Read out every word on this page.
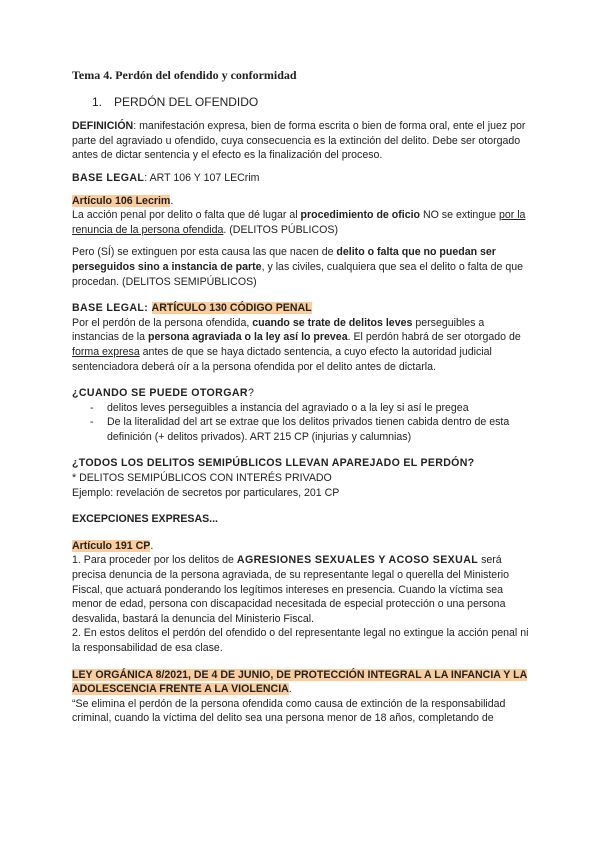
Tema 4. Perdón del ofendido y conformidad
1. PERDÓN DEL OFENDIDO

DEFINICIÓN: manifestación expresa, bien de forma escrita o bien de forma oral, ente el juez por parte del agraviado u ofendido, cuya consecuencia es la extinción del delito. Debe ser otorgado antes de dictar sentencia y el efecto es la finalización del proceso.

BASE LEGAL: ART 106 Y 107 LECrim

Artículo 106 Lecrim.

La acción penal por delito o falta que dé lugar al procedimiento de oficio NO se extingue por la renuncia de la persona ofendida. (DELITOS PÚBLICOS)

Pero (SÍ) se extinguen por esta causa las que nacen de delito o falta que no puedan ser perseguidos sino a instancia de parte, y las civiles, cualquiera que sea el delito o falta de que procedan. (DELITOS SEMIPÚBLICOS)

BASE LEGAL: ARTÍCULO 130 CÓDIGO PENAL

Por el perdón de la persona ofendida, cuando se trate de delitos leves perseguibles a instancias de la persona agraviada o la ley así lo prevea. El perdón habrá de ser otorgado de forma expresa antes de que se haya dictado sentencia, a cuyo efecto la autoridad judicial sentenciadora deberá oír a la persona ofendida por el delito antes de dictarla.

¿CUANDO SE PUEDE OTORGAR?
- delitos leves perseguibles a instancia del agraviado o a la ley si así le pregea
- De la literalidad del art se extrae que los delitos privados tienen cabida dentro de esta definición (+ delitos privados). ART 215 CP (injurias y calumnias)
¿TODOS LOS DELITOS SEMIPÚBLICOS LLEVAN APAREJADO EL PERDÓN?
* DELITOS SEMIPÚBLICOS CON INTERÉS PRIVADO

Ejemplo: revelación de secretos por particulares, 201 CP

EXCEPCIONES EXPRESAS...

Artículo 191 CP.
1. Para proceder por los delitos de AGRESIONES SEXUALES Y ACOSO SEXUAL será precisa denuncia de la persona agraviada, de su representante legal o querella del Ministerio Fiscal, que actuará ponderando los legítimos intereses en presencia. Cuando la víctima sea menor de edad, persona con discapacidad necesitada de especial protección o una persona desvalida, bastará la denuncia del Ministerio Fiscal.

2. En estos delitos el perdón del ofendido o del representante legal no extingue la acción penal ni la responsabilidad de esa clase.

LEY ORGÁNICA 8/2021, DE 4 DE JUNIO, DE PROTECCIÓN INTEGRAL A LA INFANCIA Y LA ADOLESCENCIA FRENTE A LA VIOLENCIA.
“Se elimina el perdón de la persona ofendida como causa de extinción de la responsabilidad criminal, cuando la víctima del delito sea una persona menor de 18 años, completando de
